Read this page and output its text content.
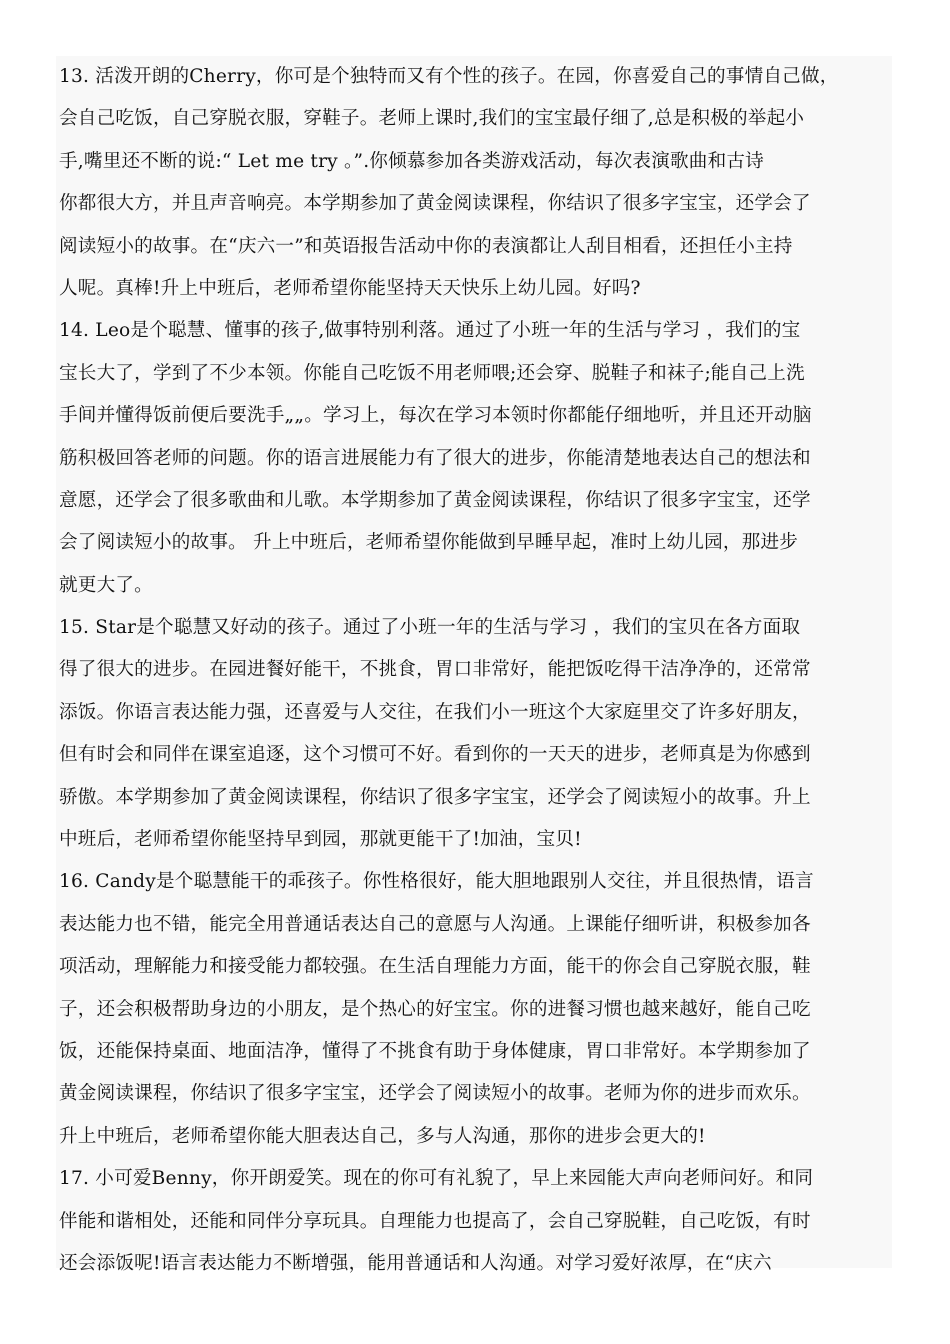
13. 活泼开朗的Cherry，你可是个独特而又有个性的孩子。在园，你喜爱自己的事情自己做，
会自己吃饭，自己穿脱衣服，穿鞋子。老师上课时,我们的宝宝最仔细了,总是积极的举起小
手,嘴里还不断的说:“ Let me try 。”.你倾慕参加各类游戏活动，每次表演歌曲和古诗
你都很大方，并且声音响亮。本学期参加了黄金阅读课程，你结识了很多字宝宝，还学会了
阅读短小的故事。在“庆六一”和英语报告活动中你的表演都让人刮目相看，还担任小主持
人呢。真棒!升上中班后，老师希望你能坚持天天快乐上幼儿园。好吗?
14. Leo是个聪慧、懂事的孩子,做事特别利落。通过了小班一年的生活与学习 ，我们的宝
宝长大了，学到了不少本领。你能自己吃饭不用老师喂;还会穿、脱鞋子和袜子;能自己上洗
手间并懂得饭前便后要洗手„„。学习上，每次在学习本领时你都能仔细地听，并且还开动脑
筋积极回答老师的问题。你的语言进展能力有了很大的进步，你能清楚地表达自己的想法和
意愿，还学会了很多歌曲和儿歌。本学期参加了黄金阅读课程，你结识了很多字宝宝，还学
会了阅读短小的故事。 升上中班后，老师希望你能做到早睡早起，准时上幼儿园，那进步
就更大了。
15. Star是个聪慧又好动的孩子。通过了小班一年的生活与学习 ，我们的宝贝在各方面取
得了很大的进步。在园进餐好能干，不挑食，胃口非常好，能把饭吃得干洁净净的，还常常
添饭。你语言表达能力强，还喜爱与人交往，在我们小一班这个大家庭里交了许多好朋友，
但有时会和同伴在课室追逐，这个习惯可不好。看到你的一天天的进步，老师真是为你感到
骄傲。本学期参加了黄金阅读课程，你结识了很多字宝宝，还学会了阅读短小的故事。升上
中班后，老师希望你能坚持早到园，那就更能干了!加油，宝贝!
16. Candy是个聪慧能干的乖孩子。你性格很好，能大胆地跟别人交往，并且很热情，语言
表达能力也不错，能完全用普通话表达自己的意愿与人沟通。上课能仔细听讲，积极参加各
项活动，理解能力和接受能力都较强。在生活自理能力方面，能干的你会自己穿脱衣服，鞋
子，还会积极帮助身边的小朋友，是个热心的好宝宝。你的进餐习惯也越来越好，能自己吃
饭，还能保持桌面、地面洁净，懂得了不挑食有助于身体健康，胃口非常好。本学期参加了
黄金阅读课程，你结识了很多字宝宝，还学会了阅读短小的故事。老师为你的进步而欢乐。
升上中班后，老师希望你能大胆表达自己，多与人沟通，那你的进步会更大的!
17. 小可爱Benny，你开朗爱笑。现在的你可有礼貌了，早上来园能大声向老师问好。和同
伴能和谐相处，还能和同伴分享玩具。自理能力也提高了，会自己穿脱鞋，自己吃饭，有时
还会添饭呢!语言表达能力不断增强，能用普通话和人沟通。对学习爱好浓厚，在“庆六
